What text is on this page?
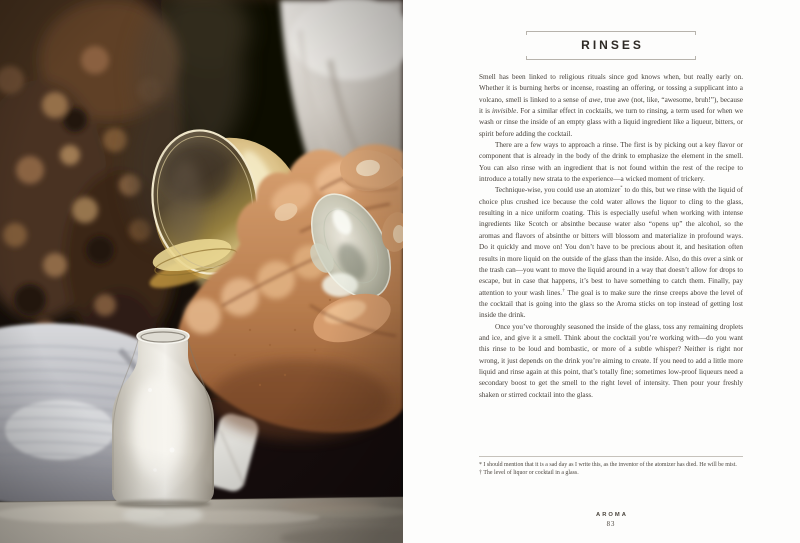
RINSES

Smell has been linked to religious rituals since god knows when, but really early on. Whether it is burning herbs or incense, roasting an offering, or tossing a supplicant into a volcano, smell is linked to a sense of awe, true awe (not, like, “awesome, bruh!”), because it is invisible. For a similar effect in cocktails, we turn to rinsing, a term used for when we wash or rinse the inside of an empty glass with a liquid ingredient like a liqueur, bitters, or spirit before adding the cocktail.

There are a few ways to approach a rinse. The first is by picking out a key flavor or component that is already in the body of the drink to emphasize the element in the smell. You can also rinse with an ingredient that is not found within the rest of the recipe to introduce a totally new strata to the experience—a wicked moment of trickery.

Technique-wise, you could use an atomizer* to do this, but we rinse with the liquid of choice plus crushed ice because the cold water allows the liquor to cling to the glass, resulting in a nice uniform coating. This is especially useful when working with intense ingredients like Scotch or absinthe because water also “opens up” the alcohol, so the aromas and flavors of absinthe or bitters will blossom and materialize in profound ways. Do it quickly and move on! You don’t have to be precious about it, and hesitation often results in more liquid on the outside of the glass than the inside. Also, do this over a sink or the trash can—you want to move the liquid around in a way that doesn’t allow for drops to escape, but in case that happens, it’s best to have something to catch them. Finally, pay attention to your wash lines.† The goal is to make sure the rinse creeps above the level of the cocktail that is going into the glass so the Aroma sticks on top instead of getting lost inside the drink.

Once you’ve thoroughly seasoned the inside of the glass, toss any remaining droplets and ice, and give it a smell. Think about the cocktail you’re working with—do you want this rinse to be loud and bombastic, or more of a subtle whisper? Neither is right nor wrong, it just depends on the drink you’re aiming to create. If you need to add a little more liquid and rinse again at this point, that’s totally fine; sometimes low-proof liqueurs need a secondary boost to get the smell to the right level of intensity. Then pour your freshly shaken or stirred cocktail into the glass.

* I should mention that it is a sad day as I write this, as the inventor of the atomizer has died. He will be mist.
† The level of liquor or cocktail in a glass.
AROMA
83
